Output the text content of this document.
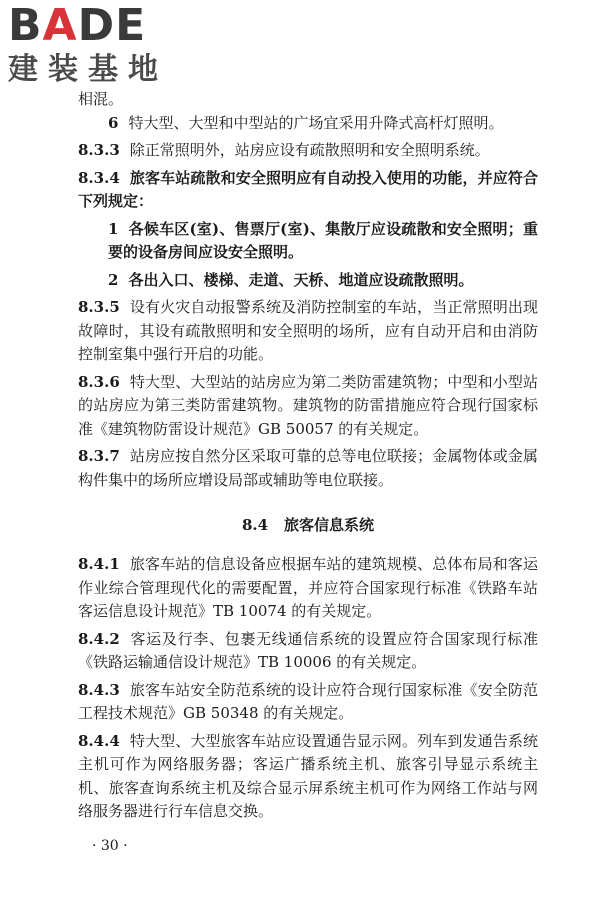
BADE
建装基地
相混。
6 特大型、大型和中型站的广场宜采用升降式高杆灯照明。
8.3.3 除正常照明外，站房应设有疏散照明和安全照明系统。
8.3.4 旅客车站疏散和安全照明应有自动投入使用的功能，并应符合下列规定：
1 各候车区(室)、售票厅(室)、集散厅应设疏散和安全照明；重要的设备房间应设安全照明。
2 各出入口、楼梯、走道、天桥、地道应设疏散照明。
8.3.5 设有火灾自动报警系统及消防控制室的车站，当正常照明出现故障时，其设有疏散照明和安全照明的场所，应有自动开启和由消防控制室集中强行开启的功能。
8.3.6 特大型、大型站的站房应为第二类防雷建筑物；中型和小型站的站房应为第三类防雷建筑物。建筑物的防雷措施应符合现行国家标准《建筑物防雷设计规范》GB 50057 的有关规定。
8.3.7 站房应按自然分区采取可靠的总等电位联接；金属物体或金属构件集中的场所应增设局部或辅助等电位联接。
8.4 旅客信息系统
8.4.1 旅客车站的信息设备应根据车站的建筑规模、总体布局和客运作业综合管理现代化的需要配置，并应符合国家现行标准《铁路车站客运信息设计规范》TB 10074 的有关规定。
8.4.2 客运及行李、包裹无线通信系统的设置应符合国家现行标准《铁路运输通信设计规范》TB 10006 的有关规定。
8.4.3 旅客车站安全防范系统的设计应符合现行国家标准《安全防范工程技术规范》GB 50348 的有关规定。
8.4.4 特大型、大型旅客车站应设置通告显示网。列车到发通告系统主机可作为网络服务器；客运广播系统主机、旅客引导显示系统主机、旅客查询系统主机及综合显示屏系统主机可作为网络工作站与网络服务器进行行车信息交换。
· 30 ·
